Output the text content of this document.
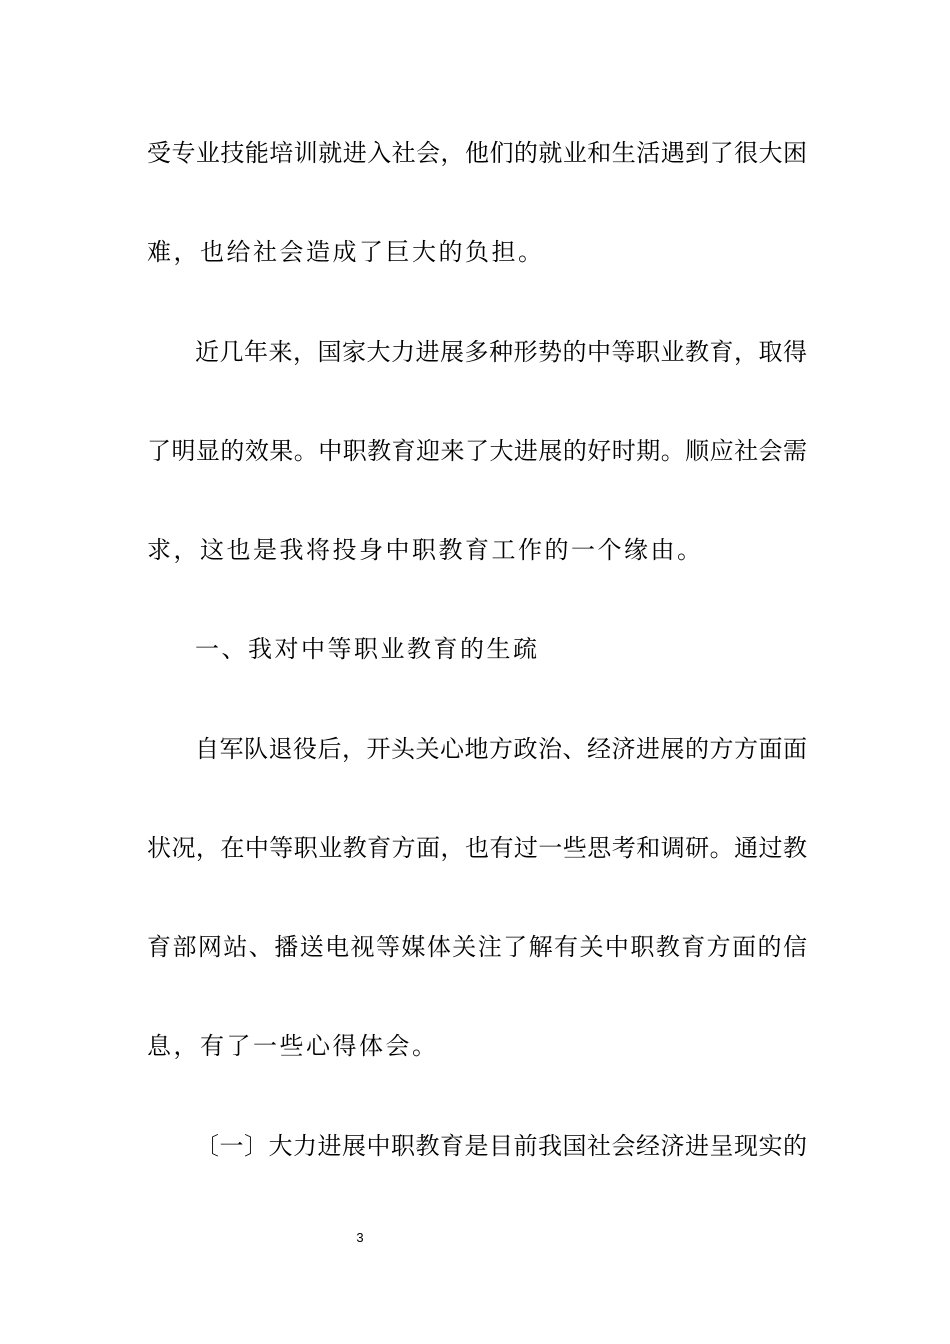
受专业技能培训就进入社会，他们的就业和生活遇到了很大困
难，也给社会造成了巨大的负担。
近几年来，国家大力进展多种形势的中等职业教育，取得
了明显的效果。中职教育迎来了大进展的好时期。顺应社会需
求，这也是我将投身中职教育工作的一个缘由。
一、我对中等职业教育的生疏
自军队退役后，开头关心地方政治、经济进展的方方面面
状况，在中等职业教育方面，也有过一些思考和调研。通过教
育部网站、播送电视等媒体关注了解有关中职教育方面的信
息，有了一些心得体会。
〔一〕大力进展中职教育是目前我国社会经济进呈现实的
3
